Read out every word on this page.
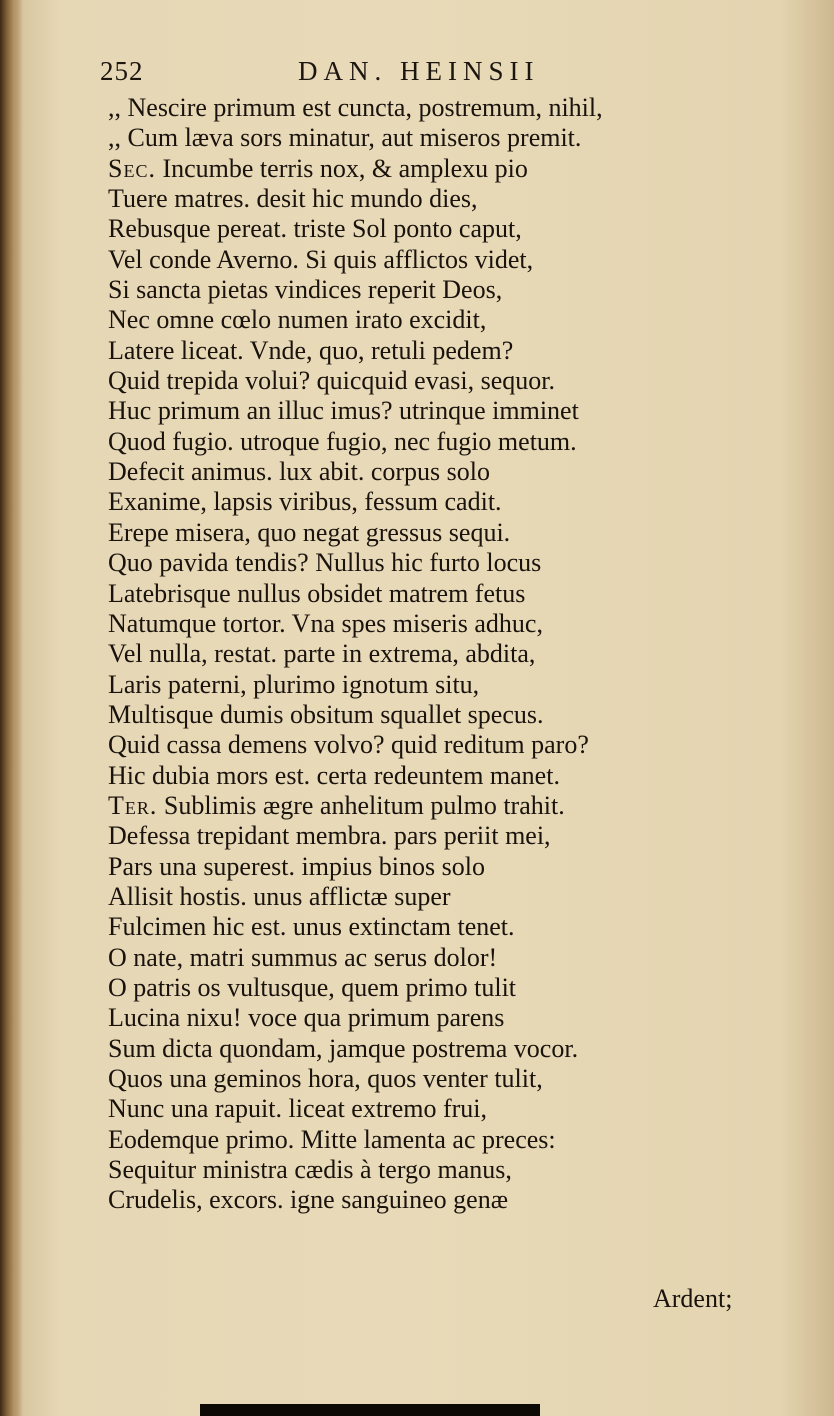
252	DAN. HEINSII
,, Nescire primum est cuncta, postremum, nihil,
,, Cum læva sors minatur, aut miseros premit.
Sec. Incumbe terris nox, & amplexu pio
Tuere matres. desit hic mundo dies,
Rebusque pereat. triste Sol ponto caput,
Vel conde Averno. Si quis afflictos videt,
Si sancta pietas vindices reperit Deos,
Nec omne cœlo numen irato excidit,
Latere liceat. Vnde, quo, retuli pedem?
Quid trepida volui? quicquid evasi, sequor.
Huc primum an illuc imus? utrinque imminet
Quod fugio. utroque fugio, nec fugio metum.
Defecit animus. lux abit. corpus solo
Exanime, lapsis viribus, fessum cadit.
Erepe misera, quo negat gressus sequi.
Quo pavida tendis? Nullus hic furto locus
Latebrisque nullus obsidet matrem fetus
Natumque tortor. Vna spes miseris adhuc,
Vel nulla, restat. parte in extrema, abdita,
Laris paterni, plurimo ignotum situ,
Multisque dumis obsitum squallet specus.
Quid cassa demens volvo? quid reditum paro?
Hic dubia mors est. certa redeuntem manet.
Ter. Sublimis ægre anhelitum pulmo trahit.
Defessa trepidant membra. pars periit mei,
Pars una superest. impius binos solo
Allisit hostis. unus afflictæ super
Fulcimen hic est. unus extinctam tenet.
O nate, matri summus ac serus dolor!
O patris os vultusque, quem primo tulit
Lucina nixu! voce qua primum parens
Sum dicta quondam, jamque postrema vocor.
Quos una geminos hora, quos venter tulit,
Nunc una rapuit. liceat extremo frui,
Eodemque primo. Mitte lamenta ac preces:
Sequitur ministra cædis à tergo manus,
Crudelis, excors. igne sanguineo genæ
Ardent;
